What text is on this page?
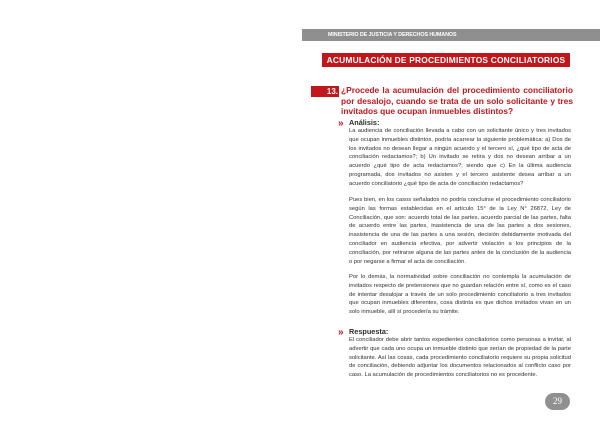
MINISTERIO DE JUSTICIA Y DERECHOS HUMANOS
ACUMULACIÓN DE PROCEDIMIENTOS CONCILIATORIOS
13. ¿Procede la acumulación del procedimiento conciliatorio por desalojo, cuando se trata de un solo solicitante y tres invitados que ocupan inmuebles distintos?
» Análisis:

La audiencia de conciliación llevada a cabo con un solicitante único y tres invitados que ocupan inmuebles distintos, podría acarrear la siguiente problemática: a) Dos de los invitados no desean llegar a ningún acuerdo y el tercero sí, ¿qué tipo de acta de conciliación redactamos?; b) Un invitado se retira y dos no desean arribar a un acuerdo ¿qué tipo de acta redactamos?; siendo que c) En la última audiencia programada, dos invitados no asisten y el tercero asistente desea arribar a un acuerdo conciliatorio ¿qué tipo de acta de conciliación redactamos?

Pues bien, en los casos señalados no podría concluirse el procedimiento conciliatorio según las formas establecidas en el artículo 15° de la Ley N° 26872, Ley de Conciliación, que son: acuerdo total de las partes, acuerdo parcial de las partes, falta de acuerdo entre las partes, inasistencia de una de las partes a dos sesiones, inasistencia de una de las partes a una sesión, decisión debidamente motivada del conciliador en audiencia efectiva, por advertir violación a los principios de la conciliación, por retirarse alguna de las partes antes de la conclusión de la audiencia o por negarse a firmar el acta de conciliación.

Por lo demás, la normatividad sobre conciliación no contempla la acumulación de invitados respecto de pretensiones que no guardan relación entre sí, como es el caso de intentar desalojar a través de un solo procedimiento conciliatorio a tres invitados que ocupan inmuebles diferentes, cosa distinta es que dichos invitados vivan en un solo inmueble, allí sí procedería su trámite.

» Respuesta:

El conciliador debe abrir tantos expedientes conciliatorios como personas a invitar, al advertir que cada uno ocupa un inmueble distinto que serían de propiedad de la parte solicitante. Así las cosas, cada procedimiento conciliatorio requiere su propia solicitud de conciliación, debiendo adjuntar los documentos relacionados al conflicto caso por caso. La acumulación de procedimientos conciliatorios no es procedente.

29
